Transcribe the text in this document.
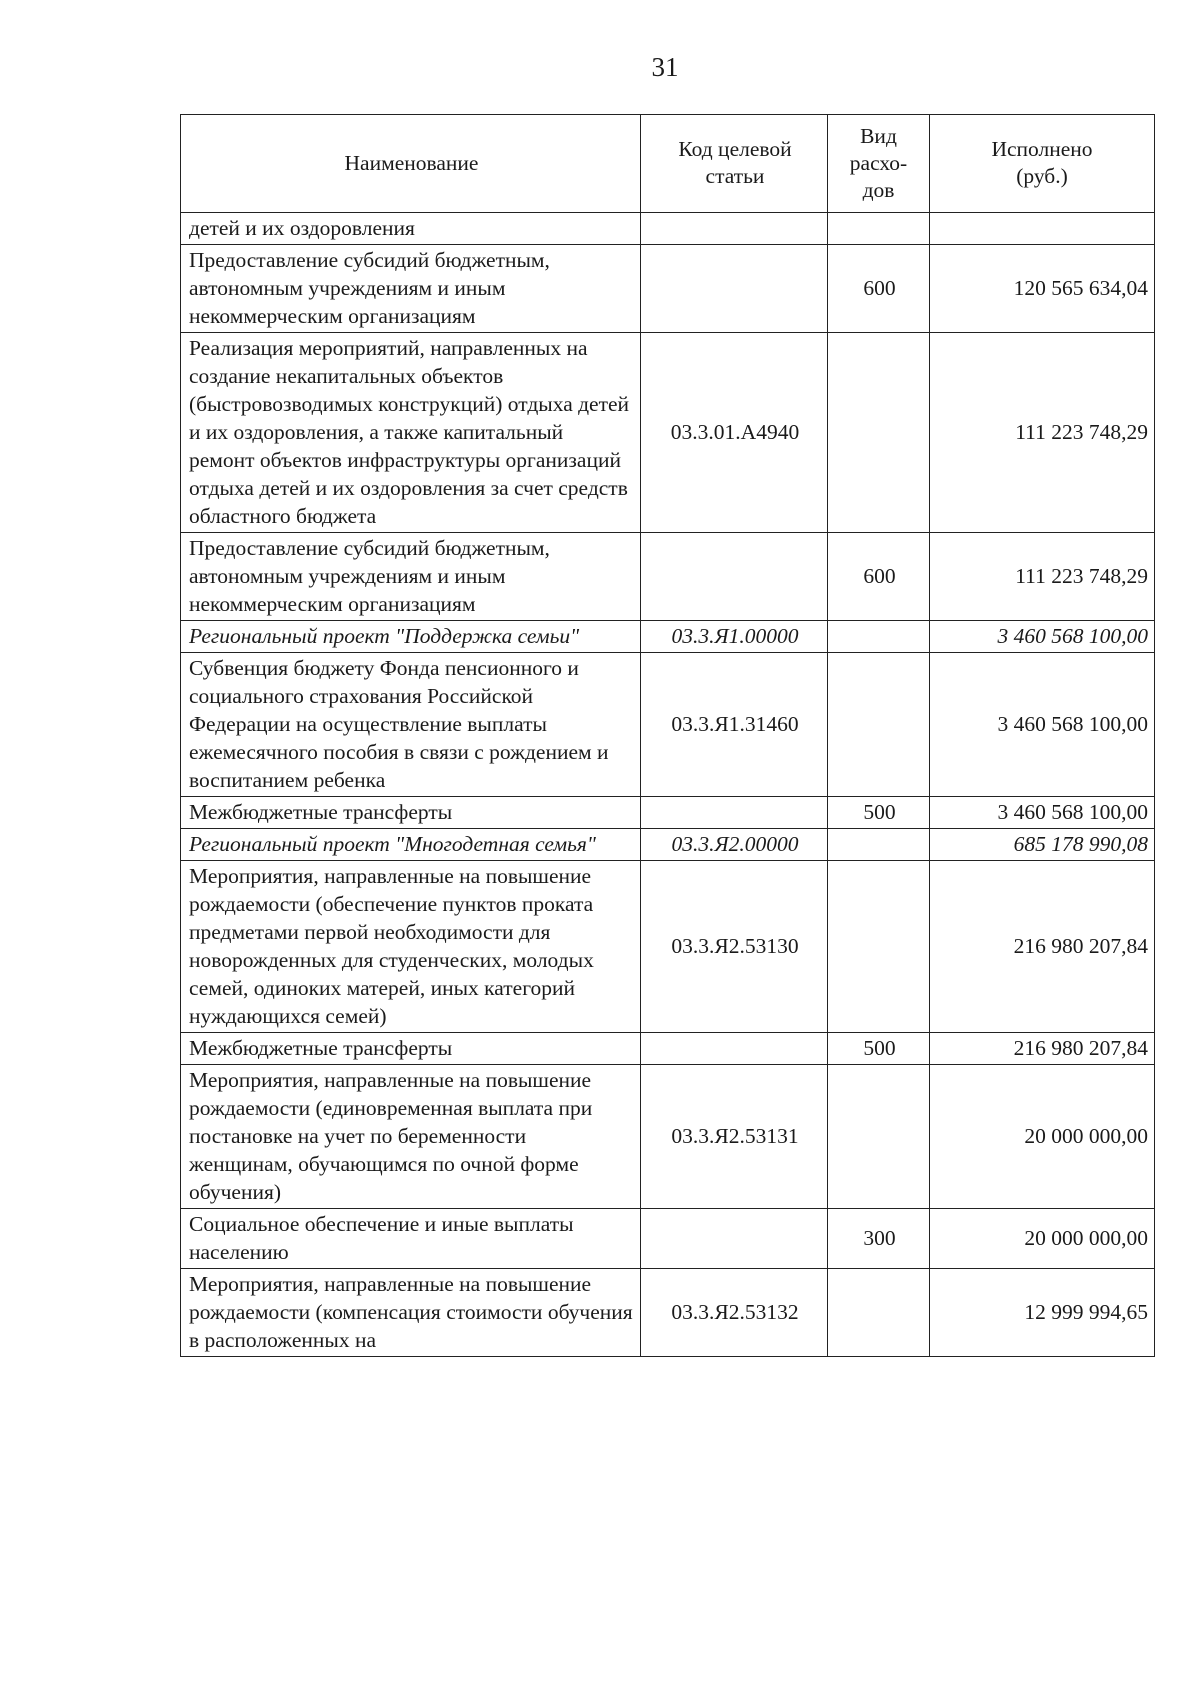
31
Наименование	Код целевой статьи	Вид расхо-дов	Исполнено (руб.)
детей и их оздоровления			
Предоставление субсидий бюджетным, автономным учреждениям и иным некоммерческим организациям		600	120 565 634,04
Реализация мероприятий, направленных на создание некапитальных объектов (быстровозводимых конструкций) отдыха детей и их оздоровления, а также капитальный ремонт объектов инфраструктуры организаций отдыха детей и их оздоровления за счет средств областного бюджета	03.3.01.А4940		111 223 748,29
Предоставление субсидий бюджетным, автономным учреждениям и иным некоммерческим организациям		600	111 223 748,29
Региональный проект "Поддержка семьи"	03.3.Я1.00000		3 460 568 100,00
Субвенция бюджету Фонда пенсионного и социального страхования Российской Федерации на осуществление выплаты ежемесячного пособия в связи с рождением и воспитанием ребенка	03.3.Я1.31460		3 460 568 100,00
Межбюджетные трансферты		500	3 460 568 100,00
Региональный проект "Многодетная семья"	03.3.Я2.00000		685 178 990,08
Мероприятия, направленные на повышение рождаемости (обеспечение пунктов проката предметами первой необходимости для новорожденных для студенческих, молодых семей, одиноких матерей, иных категорий нуждающихся семей)	03.3.Я2.53130		216 980 207,84
Межбюджетные трансферты		500	216 980 207,84
Мероприятия, направленные на повышение рождаемости (единовременная выплата при постановке на учет по беременности женщинам, обучающимся по очной форме обучения)	03.3.Я2.53131		20 000 000,00
Социальное обеспечение и иные выплаты населению		300	20 000 000,00
Мероприятия, направленные на повышение рождаемости (компенсация стоимости обучения в расположенных на	03.3.Я2.53132		12 999 994,65
